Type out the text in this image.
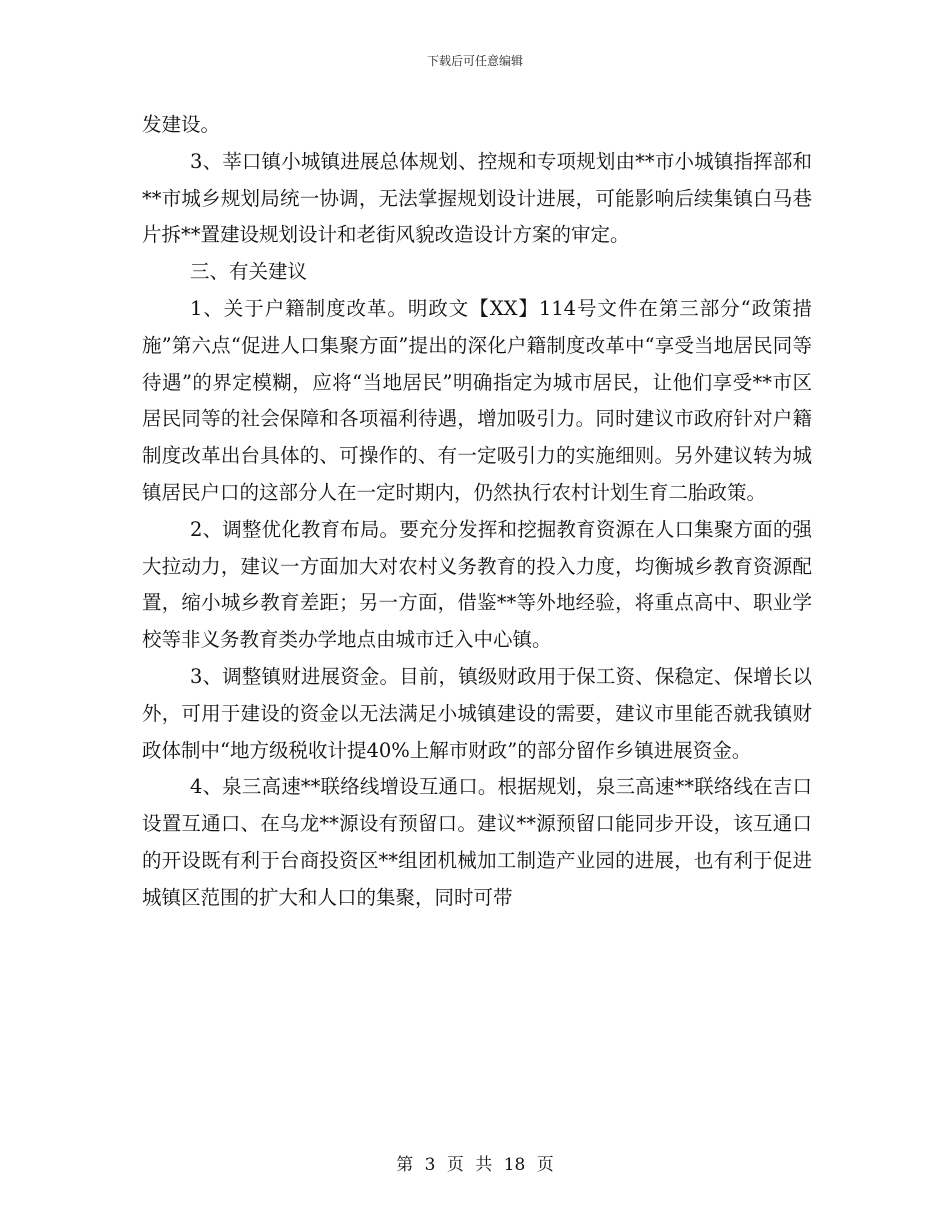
下载后可任意编辑

发建设。

3、莘口镇小城镇进展总体规划、控规和专项规划由**市小城镇指挥部和**市城乡规划局统一协调，无法掌握规划设计进展，可能影响后续集镇白马巷片拆**置建设规划设计和老街风貌改造设计方案的审定。

三、有关建议

1、关于户籍制度改革。明政文【XX】114号文件在第三部分“政策措施”第六点“促进人口集聚方面”提出的深化户籍制度改革中“享受当地居民同等待遇”的界定模糊，应将“当地居民”明确指定为城市居民，让他们享受**市区居民同等的社会保障和各项福利待遇，增加吸引力。同时建议市政府针对户籍制度改革出台具体的、可操作的、有一定吸引力的实施细则。另外建议转为城镇居民户口的这部分人在一定时期内，仍然执行农村计划生育二胎政策。

2、调整优化教育布局。要充分发挥和挖掘教育资源在人口集聚方面的强大拉动力，建议一方面加大对农村义务教育的投入力度，均衡城乡教育资源配置，缩小城乡教育差距；另一方面，借鉴**等外地经验，将重点高中、职业学校等非义务教育类办学地点由城市迁入中心镇。

3、调整镇财进展资金。目前，镇级财政用于保工资、保稳定、保增长以外，可用于建设的资金以无法满足小城镇建设的需要，建议市里能否就我镇财政体制中“地方级税收计提40%上解市财政”的部分留作乡镇进展资金。

4、泉三高速**联络线增设互通口。根据规划，泉三高速**联络线在吉口设置互通口、在乌龙**源设有预留口。建议**源预留口能同步开设，该互通口的开设既有利于台商投资区**组团机械加工制造产业园的进展，也有利于促进城镇区范围的扩大和人口的集聚，同时可带

第 3 页 共 18 页
